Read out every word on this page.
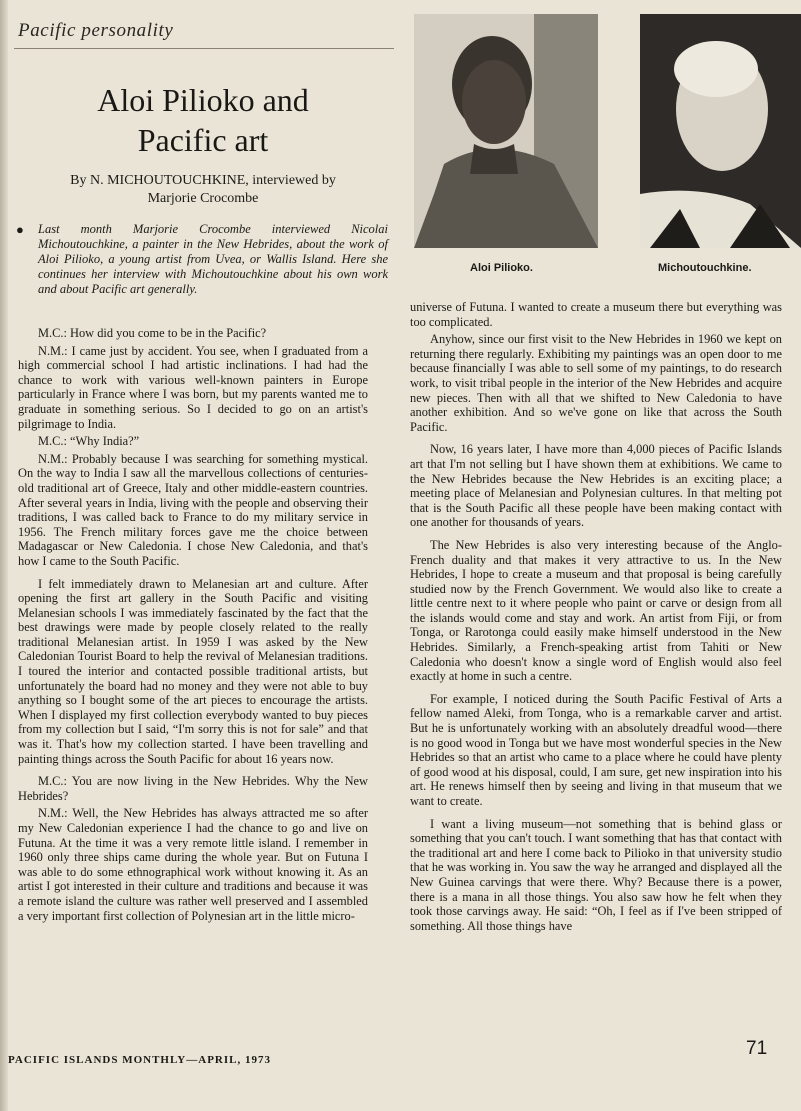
Pacific personality
Aloi Pilioko and
Pacific art
By N. MICHOUTOUCHKINE, interviewed by
Marjorie Crocombe
●	Last month Marjorie Crocombe interviewed Nicolai Michoutouchkine, a painter in the New Hebrides, about the work of Aloi Pilioko, a young artist from Uvea, or Wallis Island. Here she continues her interview with Michoutouchkine about his own work and about Pacific art generally.

Aloi Pilioko.	Michoutouchkine.

M.C.: How did you come to be in the Pacific?

N.M.: I came just by accident. You see, when I graduated from a high commercial school I had artistic inclinations. I had had the chance to work with various well-known painters in Europe particularly in France where I was born, but my parents wanted me to graduate in something serious. So I decided to go on an artist's pilgrimage to India.

M.C.: “Why India?”

N.M.: Probably because I was searching for something mystical. On the way to India I saw all the marvellous collections of centuries-old traditional art of Greece, Italy and other middle-eastern countries. After several years in India, living with the people and observing their traditions, I was called back to France to do my military service in 1956. The French military forces gave me the choice between Madagascar or New Caledonia. I chose New Caledonia, and that's how I came to the South Pacific.

I felt immediately drawn to Melanesian art and culture. After opening the first art gallery in the South Pacific and visiting Melanesian schools I was immediately fascinated by the fact that the best drawings were made by people closely related to the really traditional Melanesian artist. In 1959 I was asked by the New Caledonian Tourist Board to help the revival of Melanesian traditions. I toured the interior and contacted possible traditional artists, but unfortunately the board had no money and they were not able to buy anything so I bought some of the art pieces to encourage the artists. When I displayed my first collection everybody wanted to buy pieces from my collection but I said, “I'm sorry this is not for sale” and that was it. That's how my collection started. I have been travelling and painting things across the South Pacific for about 16 years now.

M.C.: You are now living in the New Hebrides. Why the New Hebrides?

N.M.: Well, the New Hebrides has always attracted me so after my New Caledonian experience I had the chance to go and live on Futuna. At the time it was a very remote little island. I remember in 1960 only three ships came during the whole year. But on Futuna I was able to do some ethnographical work without knowing it. As an artist I got interested in their culture and traditions and because it was a remote island the culture was rather well preserved and I assembled a very important first collection of Polynesian art in the little micro-

universe of Futuna. I wanted to create a museum there but everything was too complicated.

Anyhow, since our first visit to the New Hebrides in 1960 we kept on returning there regularly. Exhibiting my paintings was an open door to me because financially I was able to sell some of my paintings, to do research work, to visit tribal people in the interior of the New Hebrides and acquire new pieces. Then with all that we shifted to New Caledonia to have another exhibition. And so we've gone on like that across the South Pacific.

Now, 16 years later, I have more than 4,000 pieces of Pacific Islands art that I'm not selling but I have shown them at exhibitions. We came to the New Hebrides because the New Hebrides is an exciting place; a meeting place of Melanesian and Polynesian cultures. In that melting pot that is the South Pacific all these people have been making contact with one another for thousands of years.

The New Hebrides is also very interesting because of the Anglo-French duality and that makes it very attractive to us. In the New Hebrides, I hope to create a museum and that proposal is being carefully studied now by the French Government. We would also like to create a little centre next to it where people who paint or carve or design from all the islands would come and stay and work. An artist from Fiji, or from Tonga, or Rarotonga could easily make himself understood in the New Hebrides. Similarly, a French-speaking artist from Tahiti or New Caledonia who doesn't know a single word of English would also feel exactly at home in such a centre.

For example, I noticed during the South Pacific Festival of Arts a fellow named Aleki, from Tonga, who is a remarkable carver and artist. But he is unfortunately working with an absolutely dreadful wood—there is no good wood in Tonga but we have most wonderful species in the New Hebrides so that an artist who came to a place where he could have plenty of good wood at his disposal, could, I am sure, get new inspiration into his art. He renews himself then by seeing and living in that museum that we want to create.

I want a living museum—not something that is behind glass or something that you can't touch. I want something that has that contact with the traditional art and here I come back to Pilioko in that university studio that he was working in. You saw the way he arranged and displayed all the New Guinea carvings that were there. Why? Because there is a power, there is a mana in all those things. You also saw how he felt when they took those carvings away. He said: “Oh, I feel as if I've been stripped of something. All those things have

PACIFIC ISLANDS MONTHLY—APRIL, 1973
71
